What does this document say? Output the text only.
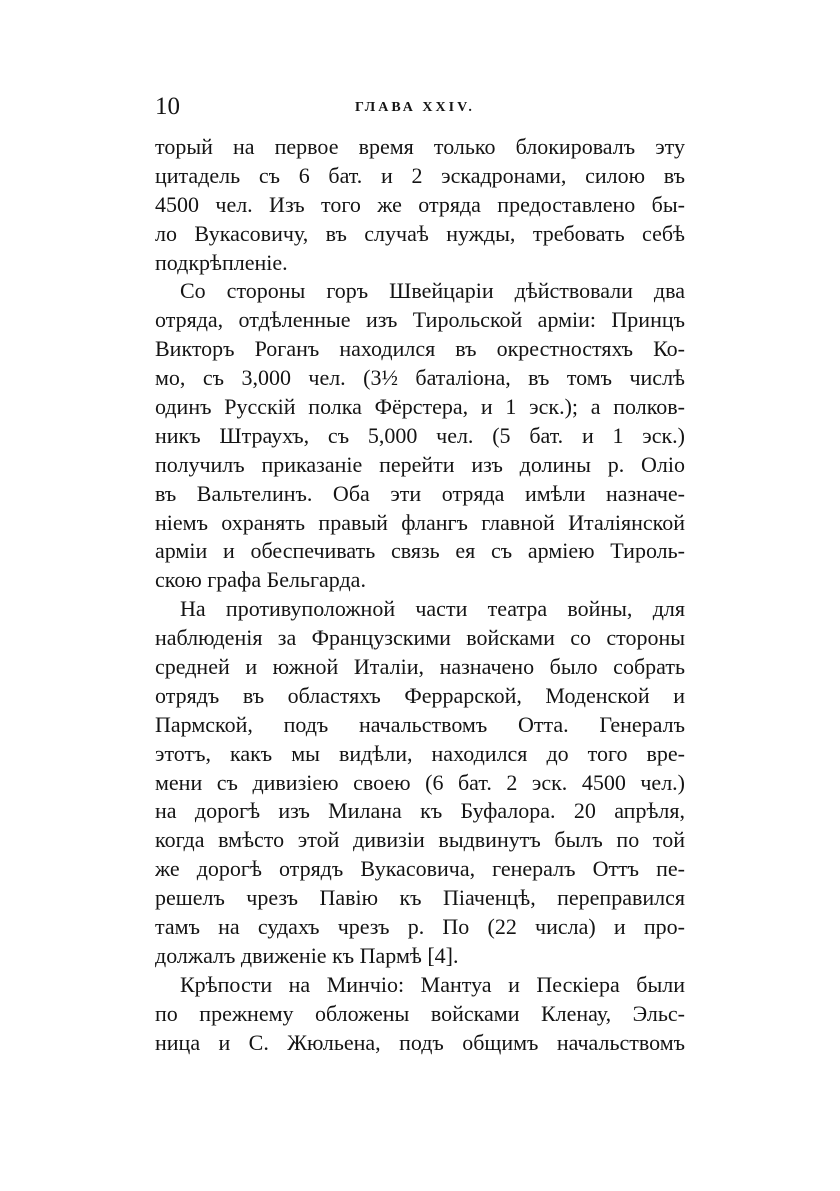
10	ГЛАВА XXIV.
торый на первое время только блокировалъ эту
цитадель съ 6 бат. и 2 эскадронами, силою въ
4500 чел. Изъ того же отряда предоставлено бы-
ло Вукасовичу, въ случаѣ нужды, требовать себѣ
подкрѣпленіе.
Со стороны горъ Швейцаріи дѣйствовали два
отряда, отдѣленные изъ Тирольской арміи: Принцъ
Викторъ Роганъ находился въ окрестностяхъ Ко-
мо, съ 3,000 чел. (3½ баталіона, въ томъ числѣ
одинъ Русскій полка Фёрстера, и 1 эск.); а полков-
никъ Штраухъ, съ 5,000 чел. (5 бат. и 1 эск.)
получилъ приказаніе перейти изъ долины р. Оліо
въ Вальтелинъ. Оба эти отряда имѣли назначе-
ніемъ охранять правый флангъ главной Италіянской
арміи и обеспечивать связь ея съ арміею Тироль-
скою графа Бельгарда.
На противуположной части театра войны, для
наблюденія за Французскими войсками со стороны
средней и южной Италіи, назначено было собрать
отрядъ въ областяхъ Феррарской, Моденской и
Пармской, подъ начальствомъ Отта. Генералъ
этотъ, какъ мы видѣли, находился до того вре-
мени съ дивизіею своею (6 бат. 2 эск. 4500 чел.)
на дорогѣ изъ Милана къ Буфалора. 20 апрѣля,
когда вмѣсто этой дивизіи выдвинутъ былъ по той
же дорогѣ отрядъ Вукасовича, генералъ Оттъ пе-
решелъ чрезъ Павію къ Піаченцѣ, переправился
тамъ на судахъ чрезъ р. По (22 числа) и про-
должалъ движеніе къ Пармѣ [4].
Крѣпости на Минчіо: Мантуа и Пескіера были
по прежнему обложены войсками Кленау, Эльс-
ница и С. Жюльена, подъ общимъ начальствомъ
